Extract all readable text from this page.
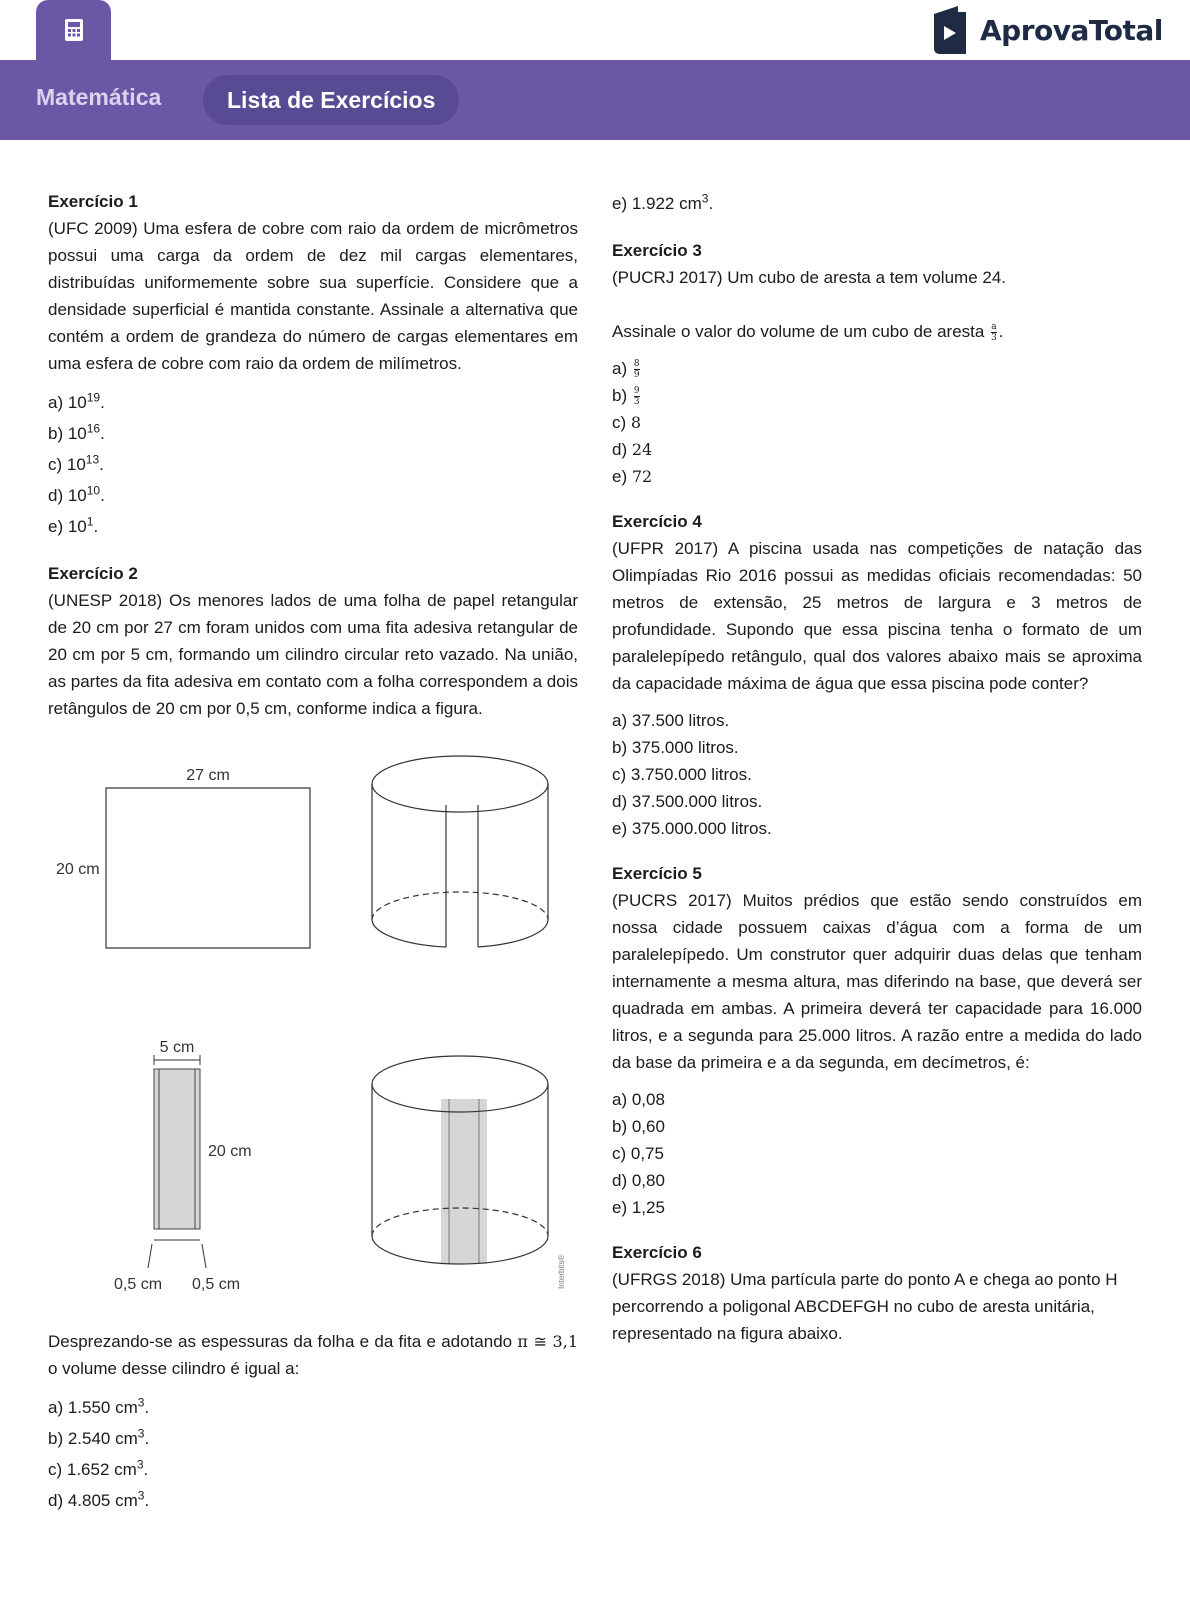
AprovaTotal
Matemática	Lista de Exercícios

Exercício 1

(UFC 2009) Uma esfera de cobre com raio da ordem de micrômetros possui uma carga da ordem de dez mil cargas elementares, distribuídas uniformemente sobre sua superfície. Considere que a densidade superficial é mantida constante. Assinale a alternativa que contém a ordem de grandeza do número de cargas elementares em uma esfera de cobre com raio da ordem de milímetros.

a) $10^{19}$.
b) $10^{16}$.
c) $10^{13}$.
d) $10^{10}$.
e) $10^1$.

Exercício 2

(UNESP 2018) Os menores lados de uma folha de papel retangular de 20 cm por 27 cm foram unidos com uma fita adesiva retangular de 20 cm por 5 cm, formando um cilindro circular reto vazado. Na união, as partes da fita adesiva em contato com a folha correspondem a dois retângulos de 20 cm por 0,5 cm, conforme indica a figura.

27 cm
20 cm
5 cm
20 cm
0,5 cm 0,5 cm	Interbits®

Desprezando-se as espessuras da folha e da fita e adotando π ≅ 3,1 o volume desse cilindro é igual a:

a) 1.550 $cm^3$.
b) 2.540 $cm^3$.
c) 1.652 $cm^3$.
d) 4.805 $cm^3$.
e) 1.922 $cm^3$.

Exercício 3

(PUCRJ 2017) Um cubo de aresta a tem volume 24.

Assinale o valor do volume de um cubo de aresta $\frac{a}{3}$ .

$a) \frac{8}{9}$
$b) \frac{9}{3}$
c) 8
d) 24
e) 72

Exercício 4

(UFPR 2017) A piscina usada nas competições de natação das Olimpíadas Rio 2016 possui as medidas oficiais recomendadas: 50 metros de extensão, 25 metros de largura e 3 metros de profundidade. Supondo que essa piscina tenha o formato de um paralelepípedo retângulo, qual dos valores abaixo mais se aproxima da capacidade máxima de água que essa piscina pode conter?

a) 37.500 litros.
b) 375.000 litros.
c) 3.750.000 litros.
d) 37.500.000 litros.
e) 375.000.000 litros.

Exercício 5

(PUCRS 2017) Muitos prédios que estão sendo construídos em nossa cidade possuem caixas d’água com a forma de um paralelepípedo. Um construtor quer adquirir duas delas que tenham internamente a mesma altura, mas diferindo na base, que deverá ser quadrada em ambas. A primeira deverá ter capacidade para 16.000 litros, e a segunda para 25.000 litros. A razão entre a medida do lado da base da primeira e a da segunda, em decímetros, é:

a) 0,08
b) 0,60
c) 0,75
d) 0,80
e) 1,25

Exercício 6

(UFRGS 2018) Uma partícula parte do ponto A e chega ao ponto H percorrendo a poligonal ABCDEFGH no cubo de aresta unitária, representado na figura abaixo.
